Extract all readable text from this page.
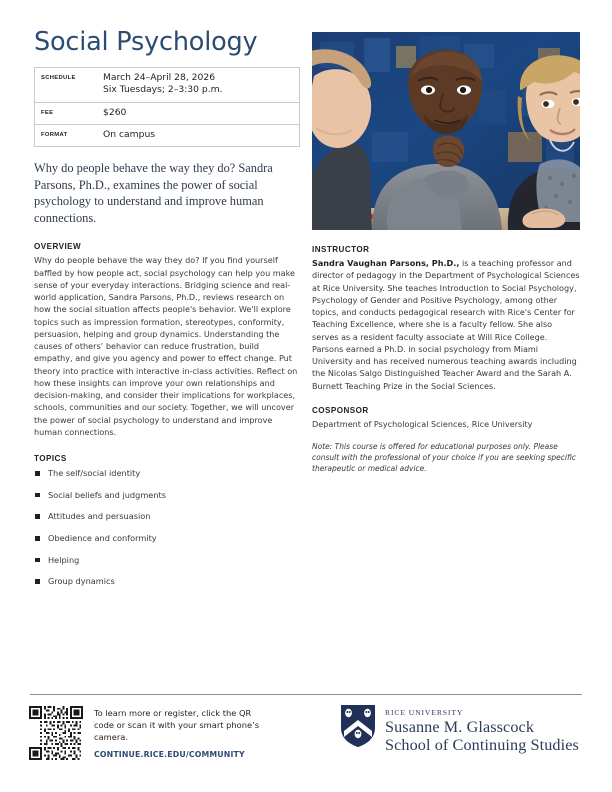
Social Psychology
SCHEDULE	March 24–April 28, 2026
Six Tuesdays; 2–3:30 p.m.
FEE	$260
FORMAT	On campus

Why do people behave the way they do? Sandra Parsons, Ph.D., examines the power of social psychology to understand and improve human connections.

OVERVIEW

Why do people behave the way they do? If you find yourself baffled by how people act, social psychology can help you make sense of your everyday interactions. Bridging science and real-world application, Sandra Parsons, Ph.D., reviews research on how the social situation affects people's behavior. We'll explore topics such as impression formation, stereotypes, conformity, persuasion, helping and group dynamics. Understanding the causes of others’ behavior can reduce frustration, build empathy, and give you agency and power to effect change. Put theory into practice with interactive in-class activities. Reflect on how these insights can improve your own relationships and decision-making, and consider their implications for workplaces, schools, communities and our society. Together, we will uncover the power of social psychology to understand and improve human connections.

TOPICS
The self/social identity
Social beliefs and judgments
Attitudes and persuasion
Obedience and conformity
Helping
Group dynamics
INSTRUCTOR

Sandra Vaughan Parsons, Ph.D., is a teaching professor and director of pedagogy in the Department of Psychological Sciences at Rice University. She teaches Introduction to Social Psychology, Psychology of Gender and Positive Psychology, among other topics, and conducts pedagogical research with Rice's Center for Teaching Excellence, where she is a faculty fellow. She also serves as a resident faculty associate at Will Rice College. Parsons earned a Ph.D. in social psychology from Miami University and has received numerous teaching awards including the Nicolas Salgo Distinguished Teacher Award and the Sarah A. Burnett Teaching Prize in the Social Sciences.

COSPONSOR

Department of Psychological Sciences, Rice University

Note: This course is offered for educational purposes only. Please consult with the professional of your choice if you are seeking specific therapeutic or medical advice.

To learn more or register, click the QR code or scan it with your smart phone’s camera.

CONTINUE.RICE.EDU/COMMUNITY
RICE UNIVERSITY
Susanne M. Glasscock
School of Continuing Studies
